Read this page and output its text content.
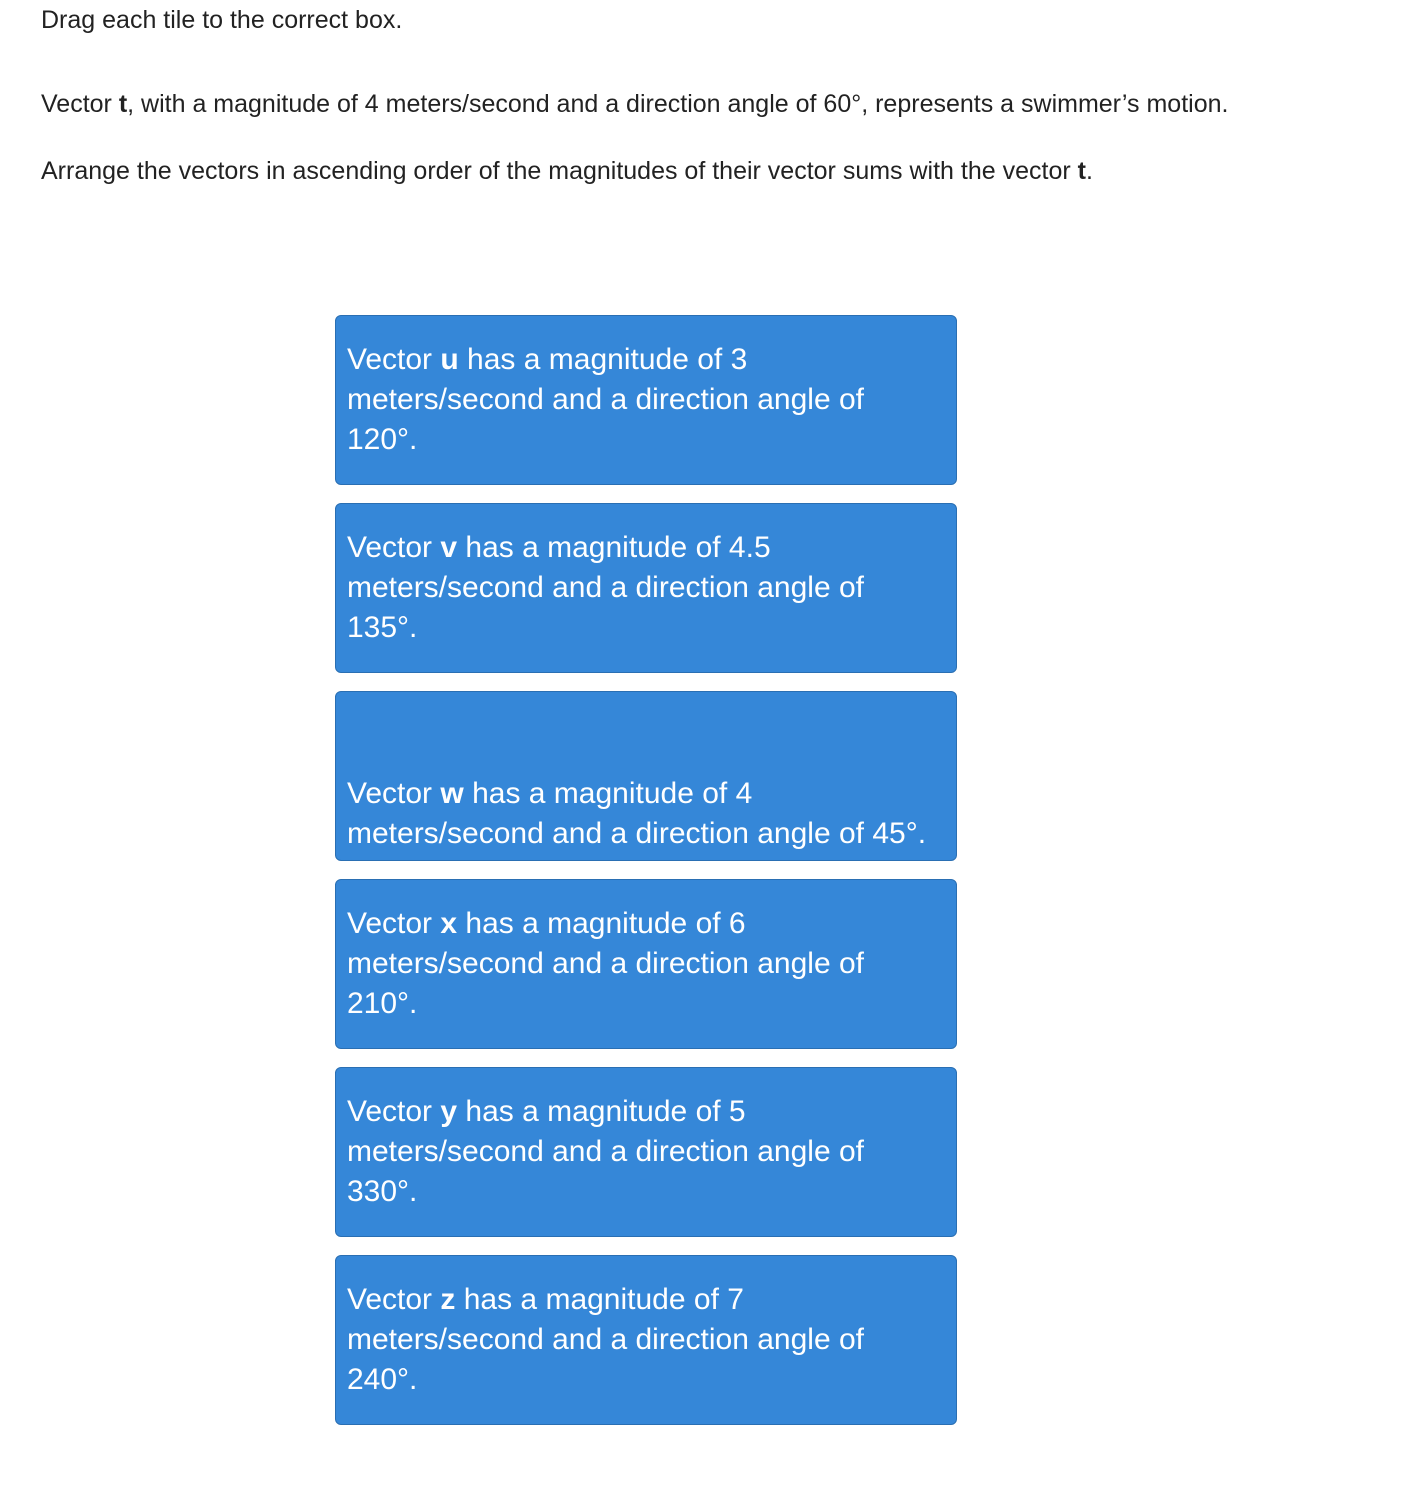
Drag each tile to the correct box.
Vector t, with a magnitude of 4 meters/second and a direction angle of 60°, represents a swimmer’s motion.
Arrange the vectors in ascending order of the magnitudes of their vector sums with the vector t.
Vector u has a magnitude of 3 meters/second and a direction angle of 120°.
Vector v has a magnitude of 4.5 meters/second and a direction angle of 135°.
Vector w has a magnitude of 4 meters/second and a direction angle of 45°.
Vector x has a magnitude of 6 meters/second and a direction angle of 210°.
Vector y has a magnitude of 5 meters/second and a direction angle of 330°.
Vector z has a magnitude of 7 meters/second and a direction angle of 240°.
